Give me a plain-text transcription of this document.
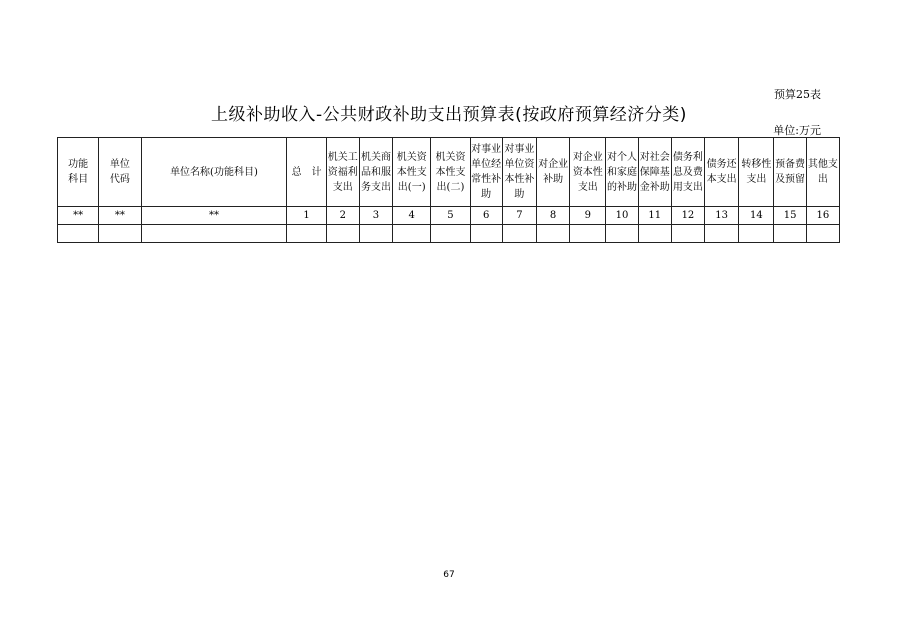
预算25表
上级补助收入-公共财政补助支出预算表(按政府预算经济分类)
单位:万元
功能
科目	单位
代码	单位名称(功能科目)	总　计	机关工
资福利
支出	机关商
品和服
务支出	机关资
本性支
出(一)	机关资
本性支
出(二)	对事业
单位经
常性补
助	对事业
单位资
本性补
助	对企业
补助	对企业
资本性
支出	对个人
和家庭
的补助	对社会
保障基
金补助	债务利
息及费
用支出	债务还
本支出	转移性
支出	预备费
及预留	其他支
出
**	**	**	1	2	3	4	5	6	7	8	9	10	11	12	13	14	15	16

67
